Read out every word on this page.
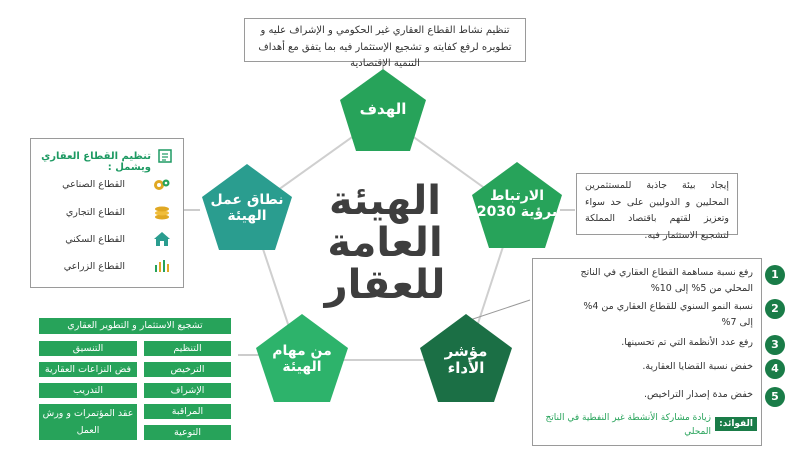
الهيئة
العامة
للعقار
الهدف
الارتباط
برؤية 2030
مؤشر
الأداء
من مهام
الهيئة
نطاق عمل
الهيئة
تنظيم نشاط القطاع العقاري غير الحكومي و الإشراف عليه و تطويره لرفع كفايته و تشجيع الإستثمار فيه بما يتفق مع أهداف التنمية الاقتصادية
إيجاد بيئة جاذبة للمستثمرين المحليين و الدوليين على حد سواء وتعزيز لقتهم باقتصاد المملكة لتشجيع الاستثمار فيه.
تنظيم القطاع العقاري ويشمل :
القطاع الصناعي
القطاع التجاري
القطاع السكني
القطاع الزراعي
1
رفع نسبة مساهمة القطاع العقاري في الناتج المحلي من 5% إلى 10%
2
نسبة النمو السنوي للقطاع العقاري من 4% إلى 7%
3
رفع عدد الأنظمة التي تم تحسينها.
4
خفض نسبة القضايا العقارية.
5
خفض مدة إصدار التراخيص.
الفوائد:
زيادة مشاركة الأنشطة غير النفطية في الناتج المحلي
تشجيع الاستثمار و التطوير العقاري
التنظيم
الترخيص
الإشراف
المراقبة
التوعية
التنسيق
فض النزاعات العقارية
التدريب
عقد المؤتمرات و ورش العمل
